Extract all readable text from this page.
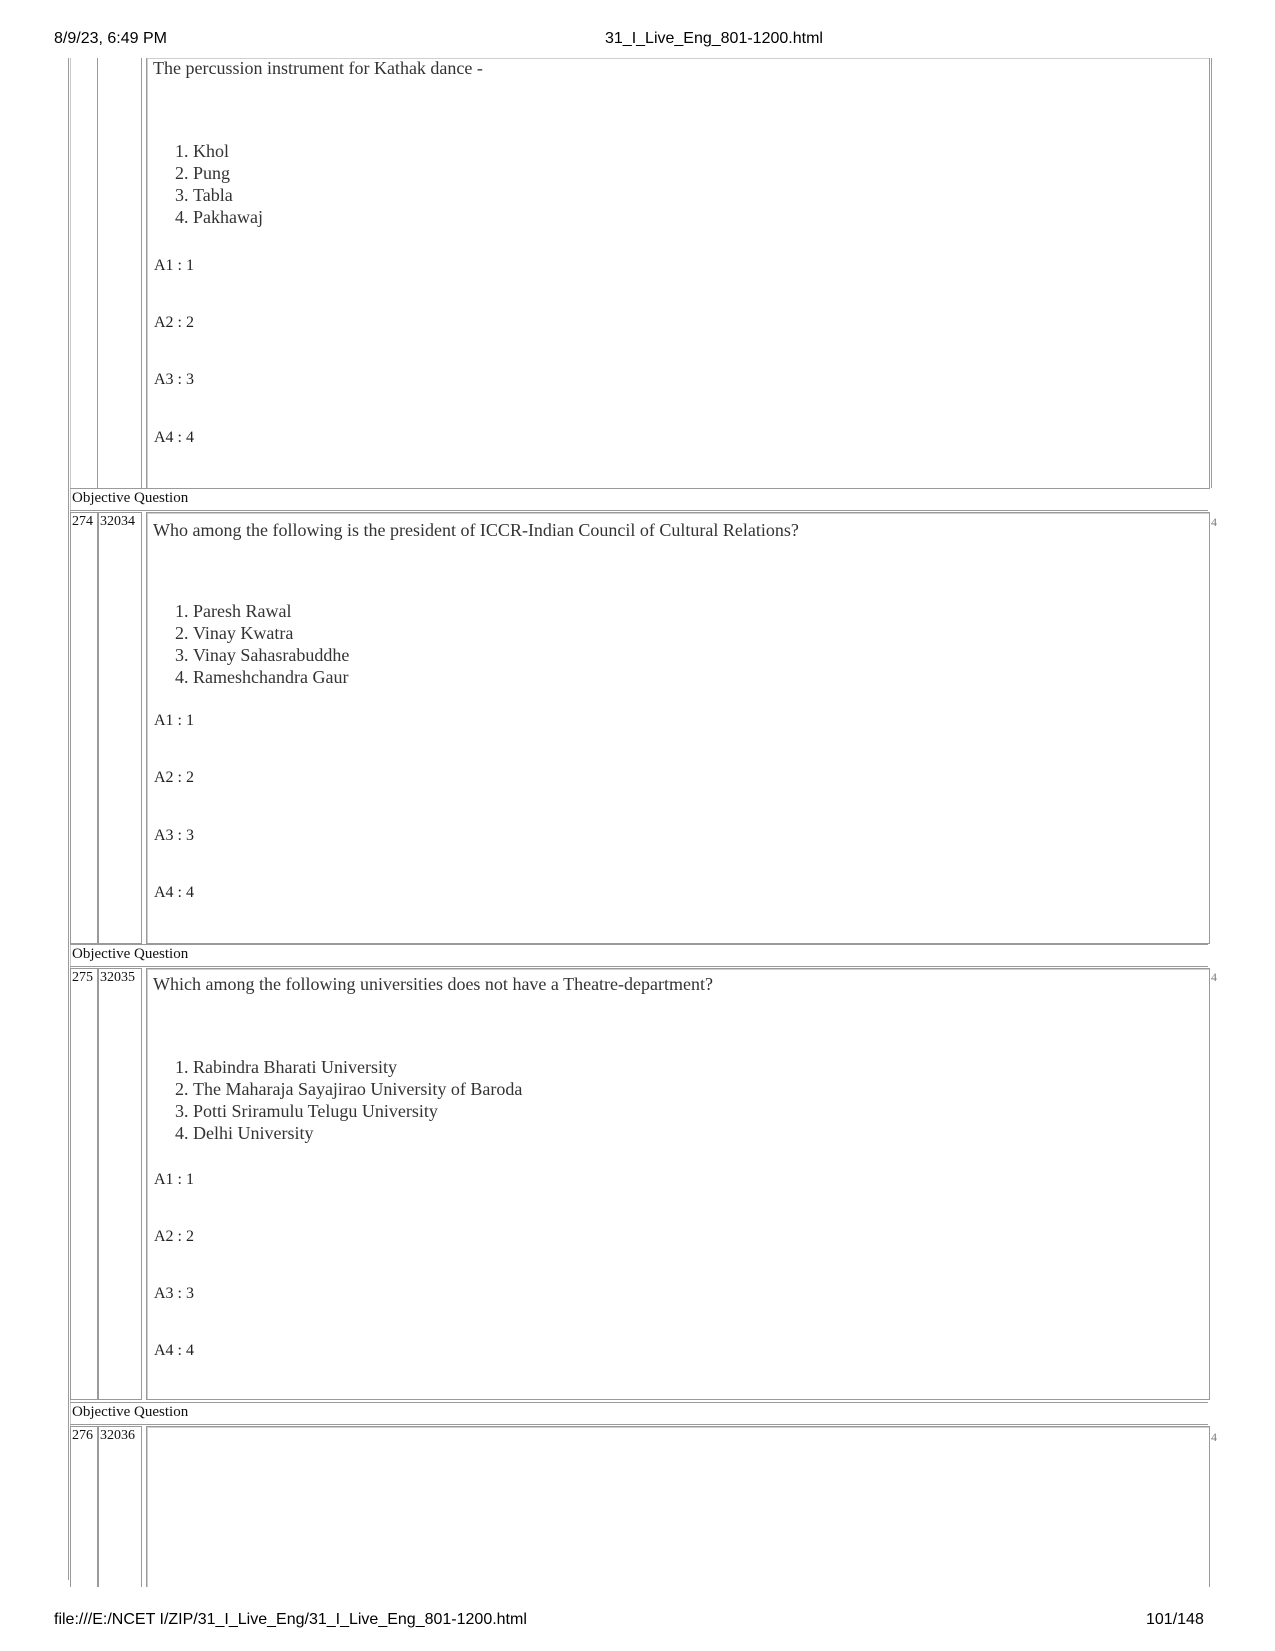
8/9/23, 6:49 PM	31_I_Live_Eng_801-1200.html
The percussion instrument for Kathak dance -
1. Khol
2. Pung
3. Tabla
4. Pakhawaj
A1 : 1
A2 : 2
A3 : 3
A4 : 4
Objective Question
274 32034	4
Who among the following is the president of ICCR-Indian Council of Cultural Relations?
1. Paresh Rawal
2. Vinay Kwatra
3. Vinay Sahasrabuddhe
4. Rameshchandra Gaur
A1 : 1
A2 : 2
A3 : 3
A4 : 4
Objective Question
275 32035	4
Which among the following universities does not have a Theatre-department?
1. Rabindra Bharati University
2. The Maharaja Sayajirao University of Baroda
3. Potti Sriramulu Telugu University
4. Delhi University
A1 : 1
A2 : 2
A3 : 3
A4 : 4
Objective Question
276 32036	4
file:///E:/NCET I/ZIP/31_I_Live_Eng/31_I_Live_Eng_801-1200.html	101/148
